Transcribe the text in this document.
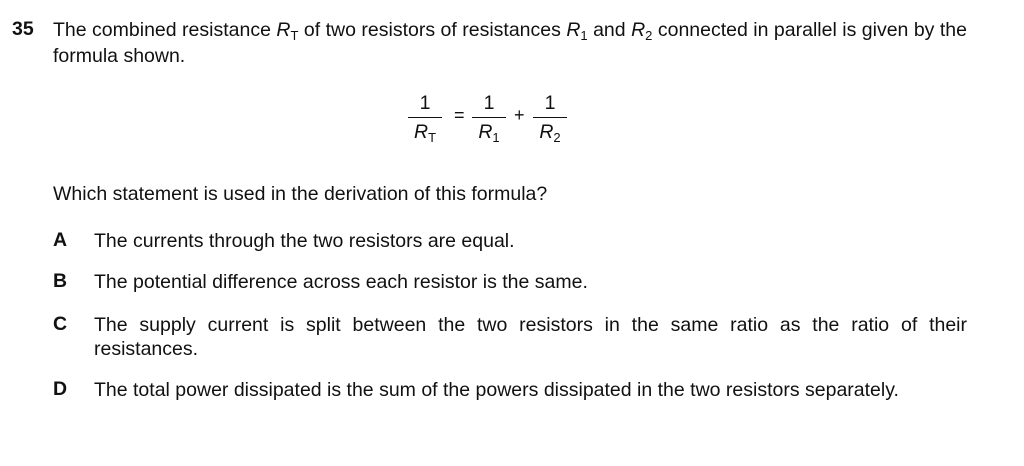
35 The combined resistance $R_T$ of two resistors of resistances $R_1$ and $R_2$ connected in parallel is given by the formula shown.
1
$R_T$
=
1
$R_1$
+
1
$R_2$
Which statement is used in the derivation of this formula?
A The currents through the two resistors are equal.
B The potential difference across each resistor is the same.
C The supply current is split between the two resistors in the same ratio as the ratio of their resistances.
D The total power dissipated is the sum of the powers dissipated in the two resistors separately.
